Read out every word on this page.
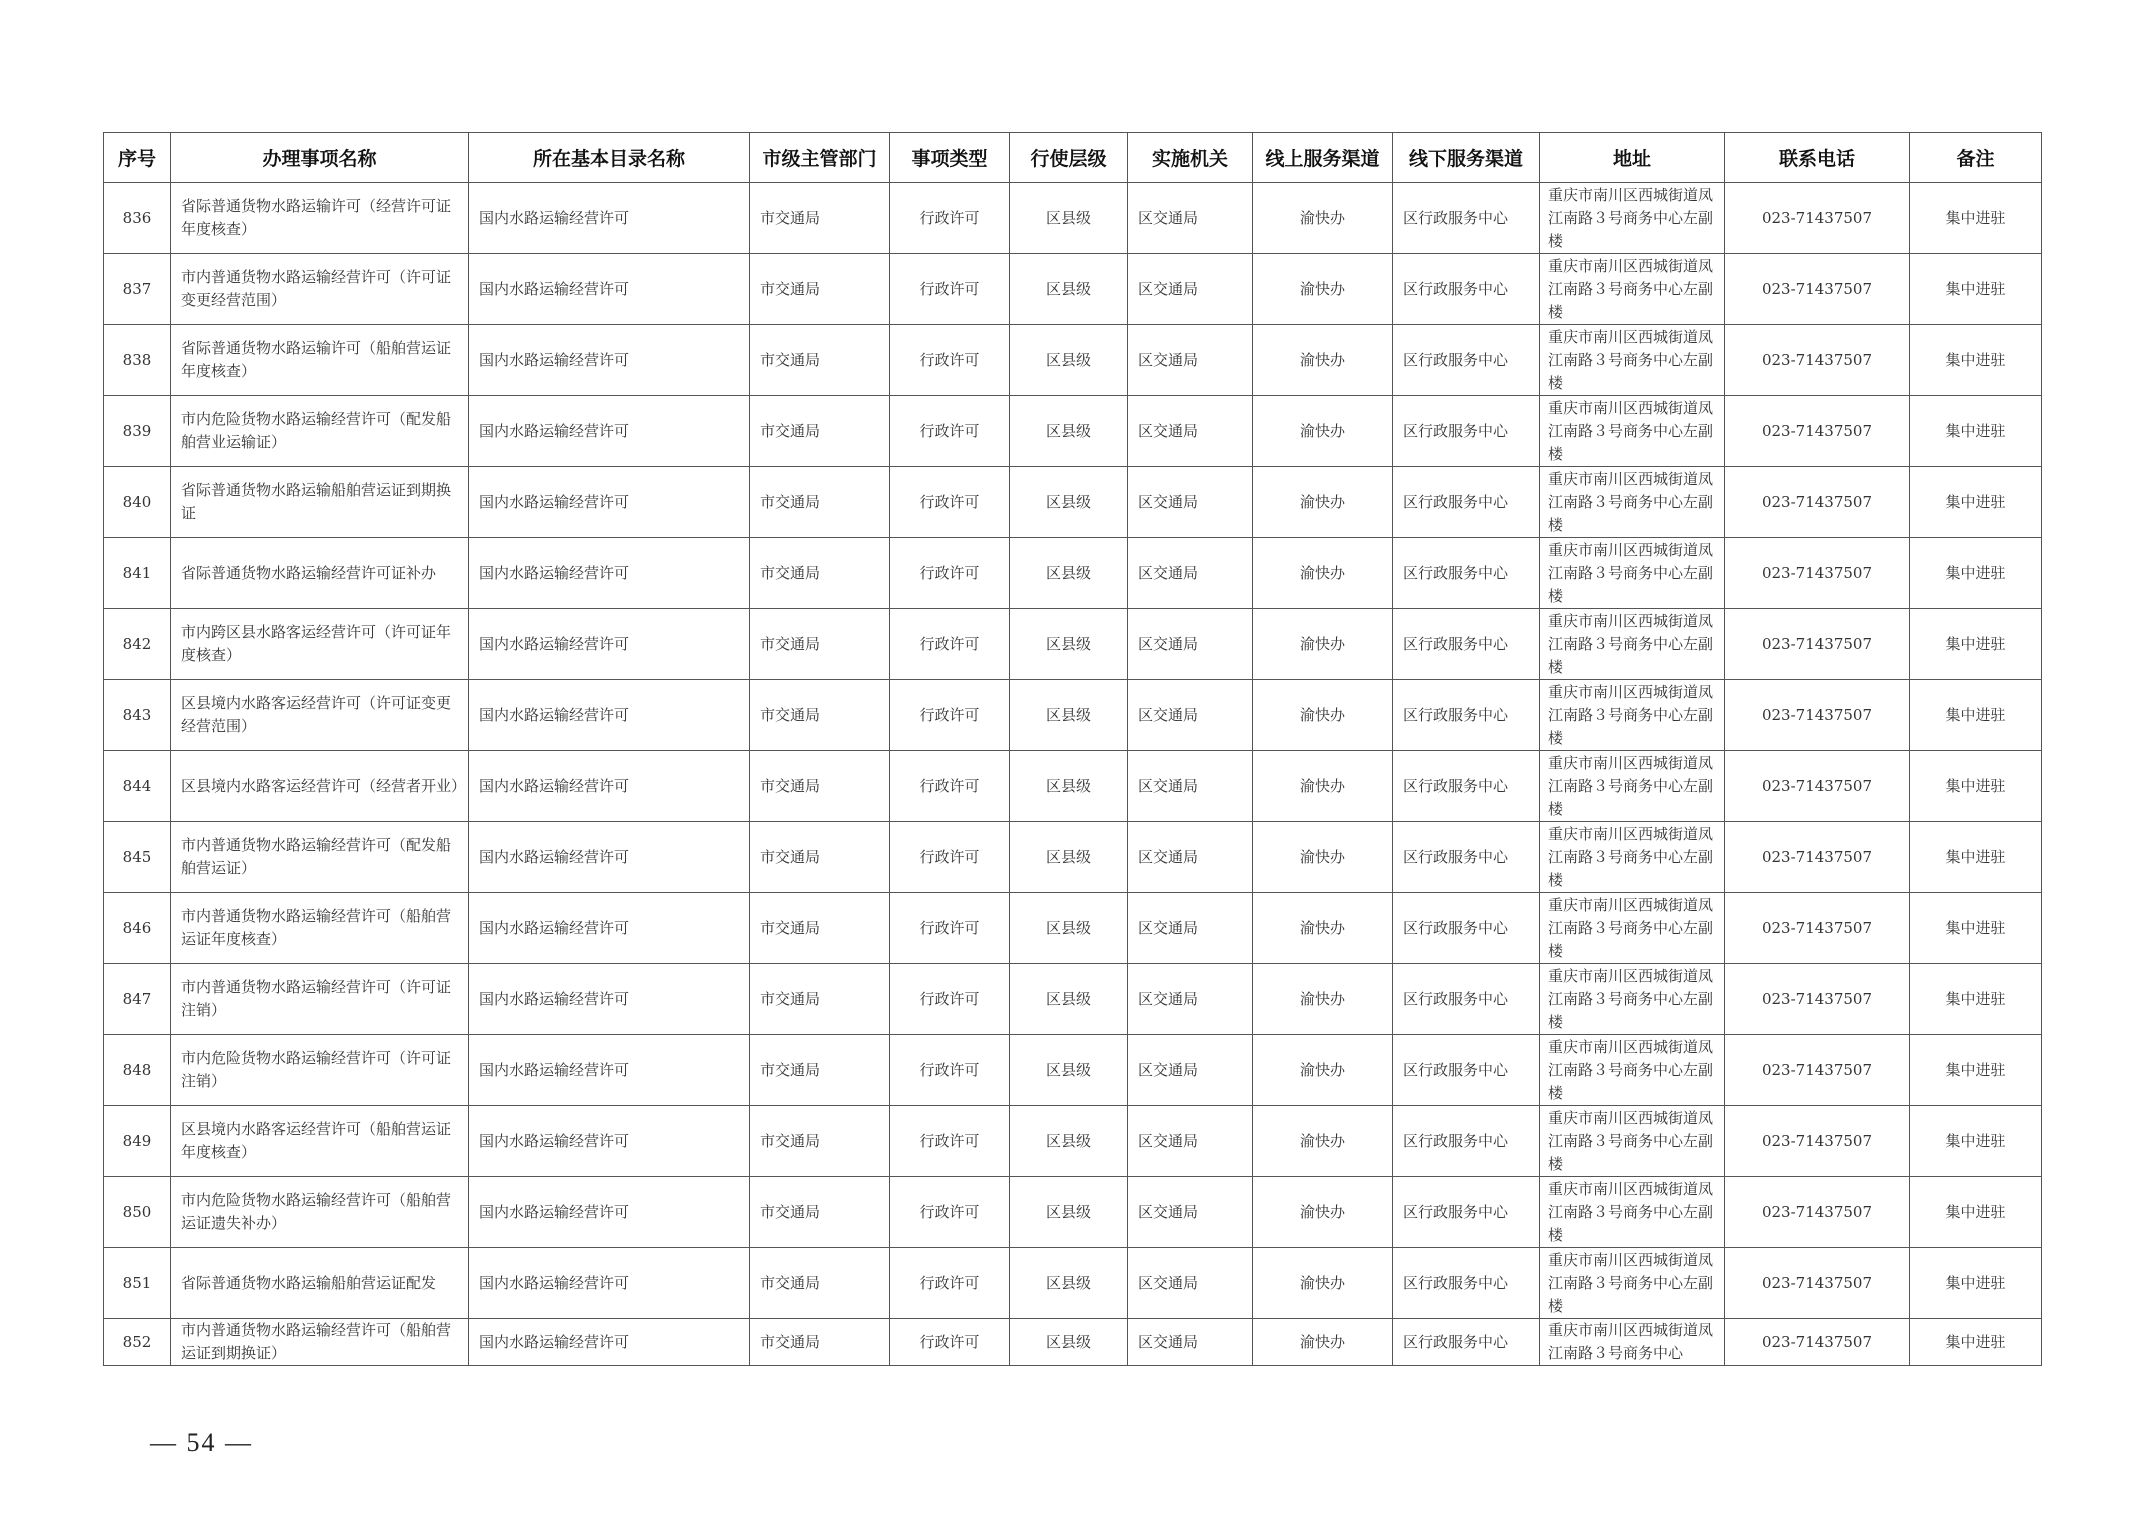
序号	办理事项名称	所在基本目录名称	市级主管部门	事项类型	行使层级	实施机关	线上服务渠道	线下服务渠道	地址	联系电话	备注
836	省际普通货物水路运输许可（经营许可证年度核查）	国内水路运输经营许可	市交通局	行政许可	区县级	区交通局	渝快办	区行政服务中心	重庆市南川区西城街道凤江南路３号商务中心左副楼	023-71437507	集中进驻
837	市内普通货物水路运输经营许可（许可证变更经营范围）	国内水路运输经营许可	市交通局	行政许可	区县级	区交通局	渝快办	区行政服务中心	重庆市南川区西城街道凤江南路３号商务中心左副楼	023-71437507	集中进驻
838	省际普通货物水路运输许可（船舶营运证年度核查）	国内水路运输经营许可	市交通局	行政许可	区县级	区交通局	渝快办	区行政服务中心	重庆市南川区西城街道凤江南路３号商务中心左副楼	023-71437507	集中进驻
839	市内危险货物水路运输经营许可（配发船舶营业运输证）	国内水路运输经营许可	市交通局	行政许可	区县级	区交通局	渝快办	区行政服务中心	重庆市南川区西城街道凤江南路３号商务中心左副楼	023-71437507	集中进驻
840	省际普通货物水路运输船舶营运证到期换证	国内水路运输经营许可	市交通局	行政许可	区县级	区交通局	渝快办	区行政服务中心	重庆市南川区西城街道凤江南路３号商务中心左副楼	023-71437507	集中进驻
841	省际普通货物水路运输经营许可证补办	国内水路运输经营许可	市交通局	行政许可	区县级	区交通局	渝快办	区行政服务中心	重庆市南川区西城街道凤江南路３号商务中心左副楼	023-71437507	集中进驻
842	市内跨区县水路客运经营许可（许可证年度核查）	国内水路运输经营许可	市交通局	行政许可	区县级	区交通局	渝快办	区行政服务中心	重庆市南川区西城街道凤江南路３号商务中心左副楼	023-71437507	集中进驻
843	区县境内水路客运经营许可（许可证变更经营范围）	国内水路运输经营许可	市交通局	行政许可	区县级	区交通局	渝快办	区行政服务中心	重庆市南川区西城街道凤江南路３号商务中心左副楼	023-71437507	集中进驻
844	区县境内水路客运经营许可（经营者开业）	国内水路运输经营许可	市交通局	行政许可	区县级	区交通局	渝快办	区行政服务中心	重庆市南川区西城街道凤江南路３号商务中心左副楼	023-71437507	集中进驻
845	市内普通货物水路运输经营许可（配发船舶营运证）	国内水路运输经营许可	市交通局	行政许可	区县级	区交通局	渝快办	区行政服务中心	重庆市南川区西城街道凤江南路３号商务中心左副楼	023-71437507	集中进驻
846	市内普通货物水路运输经营许可（船舶营运证年度核查）	国内水路运输经营许可	市交通局	行政许可	区县级	区交通局	渝快办	区行政服务中心	重庆市南川区西城街道凤江南路３号商务中心左副楼	023-71437507	集中进驻
847	市内普通货物水路运输经营许可（许可证注销）	国内水路运输经营许可	市交通局	行政许可	区县级	区交通局	渝快办	区行政服务中心	重庆市南川区西城街道凤江南路３号商务中心左副楼	023-71437507	集中进驻
848	市内危险货物水路运输经营许可（许可证注销）	国内水路运输经营许可	市交通局	行政许可	区县级	区交通局	渝快办	区行政服务中心	重庆市南川区西城街道凤江南路３号商务中心左副楼	023-71437507	集中进驻
849	区县境内水路客运经营许可（船舶营运证年度核查）	国内水路运输经营许可	市交通局	行政许可	区县级	区交通局	渝快办	区行政服务中心	重庆市南川区西城街道凤江南路３号商务中心左副楼	023-71437507	集中进驻
850	市内危险货物水路运输经营许可（船舶营运证遗失补办）	国内水路运输经营许可	市交通局	行政许可	区县级	区交通局	渝快办	区行政服务中心	重庆市南川区西城街道凤江南路３号商务中心左副楼	023-71437507	集中进驻
851	省际普通货物水路运输船舶营运证配发	国内水路运输经营许可	市交通局	行政许可	区县级	区交通局	渝快办	区行政服务中心	重庆市南川区西城街道凤江南路３号商务中心左副楼	023-71437507	集中进驻
852	市内普通货物水路运输经营许可（船舶营运证到期换证）	国内水路运输经营许可	市交通局	行政许可	区县级	区交通局	渝快办	区行政服务中心	重庆市南川区西城街道凤江南路３号商务中心	023-71437507	集中进驻
— 54 —
